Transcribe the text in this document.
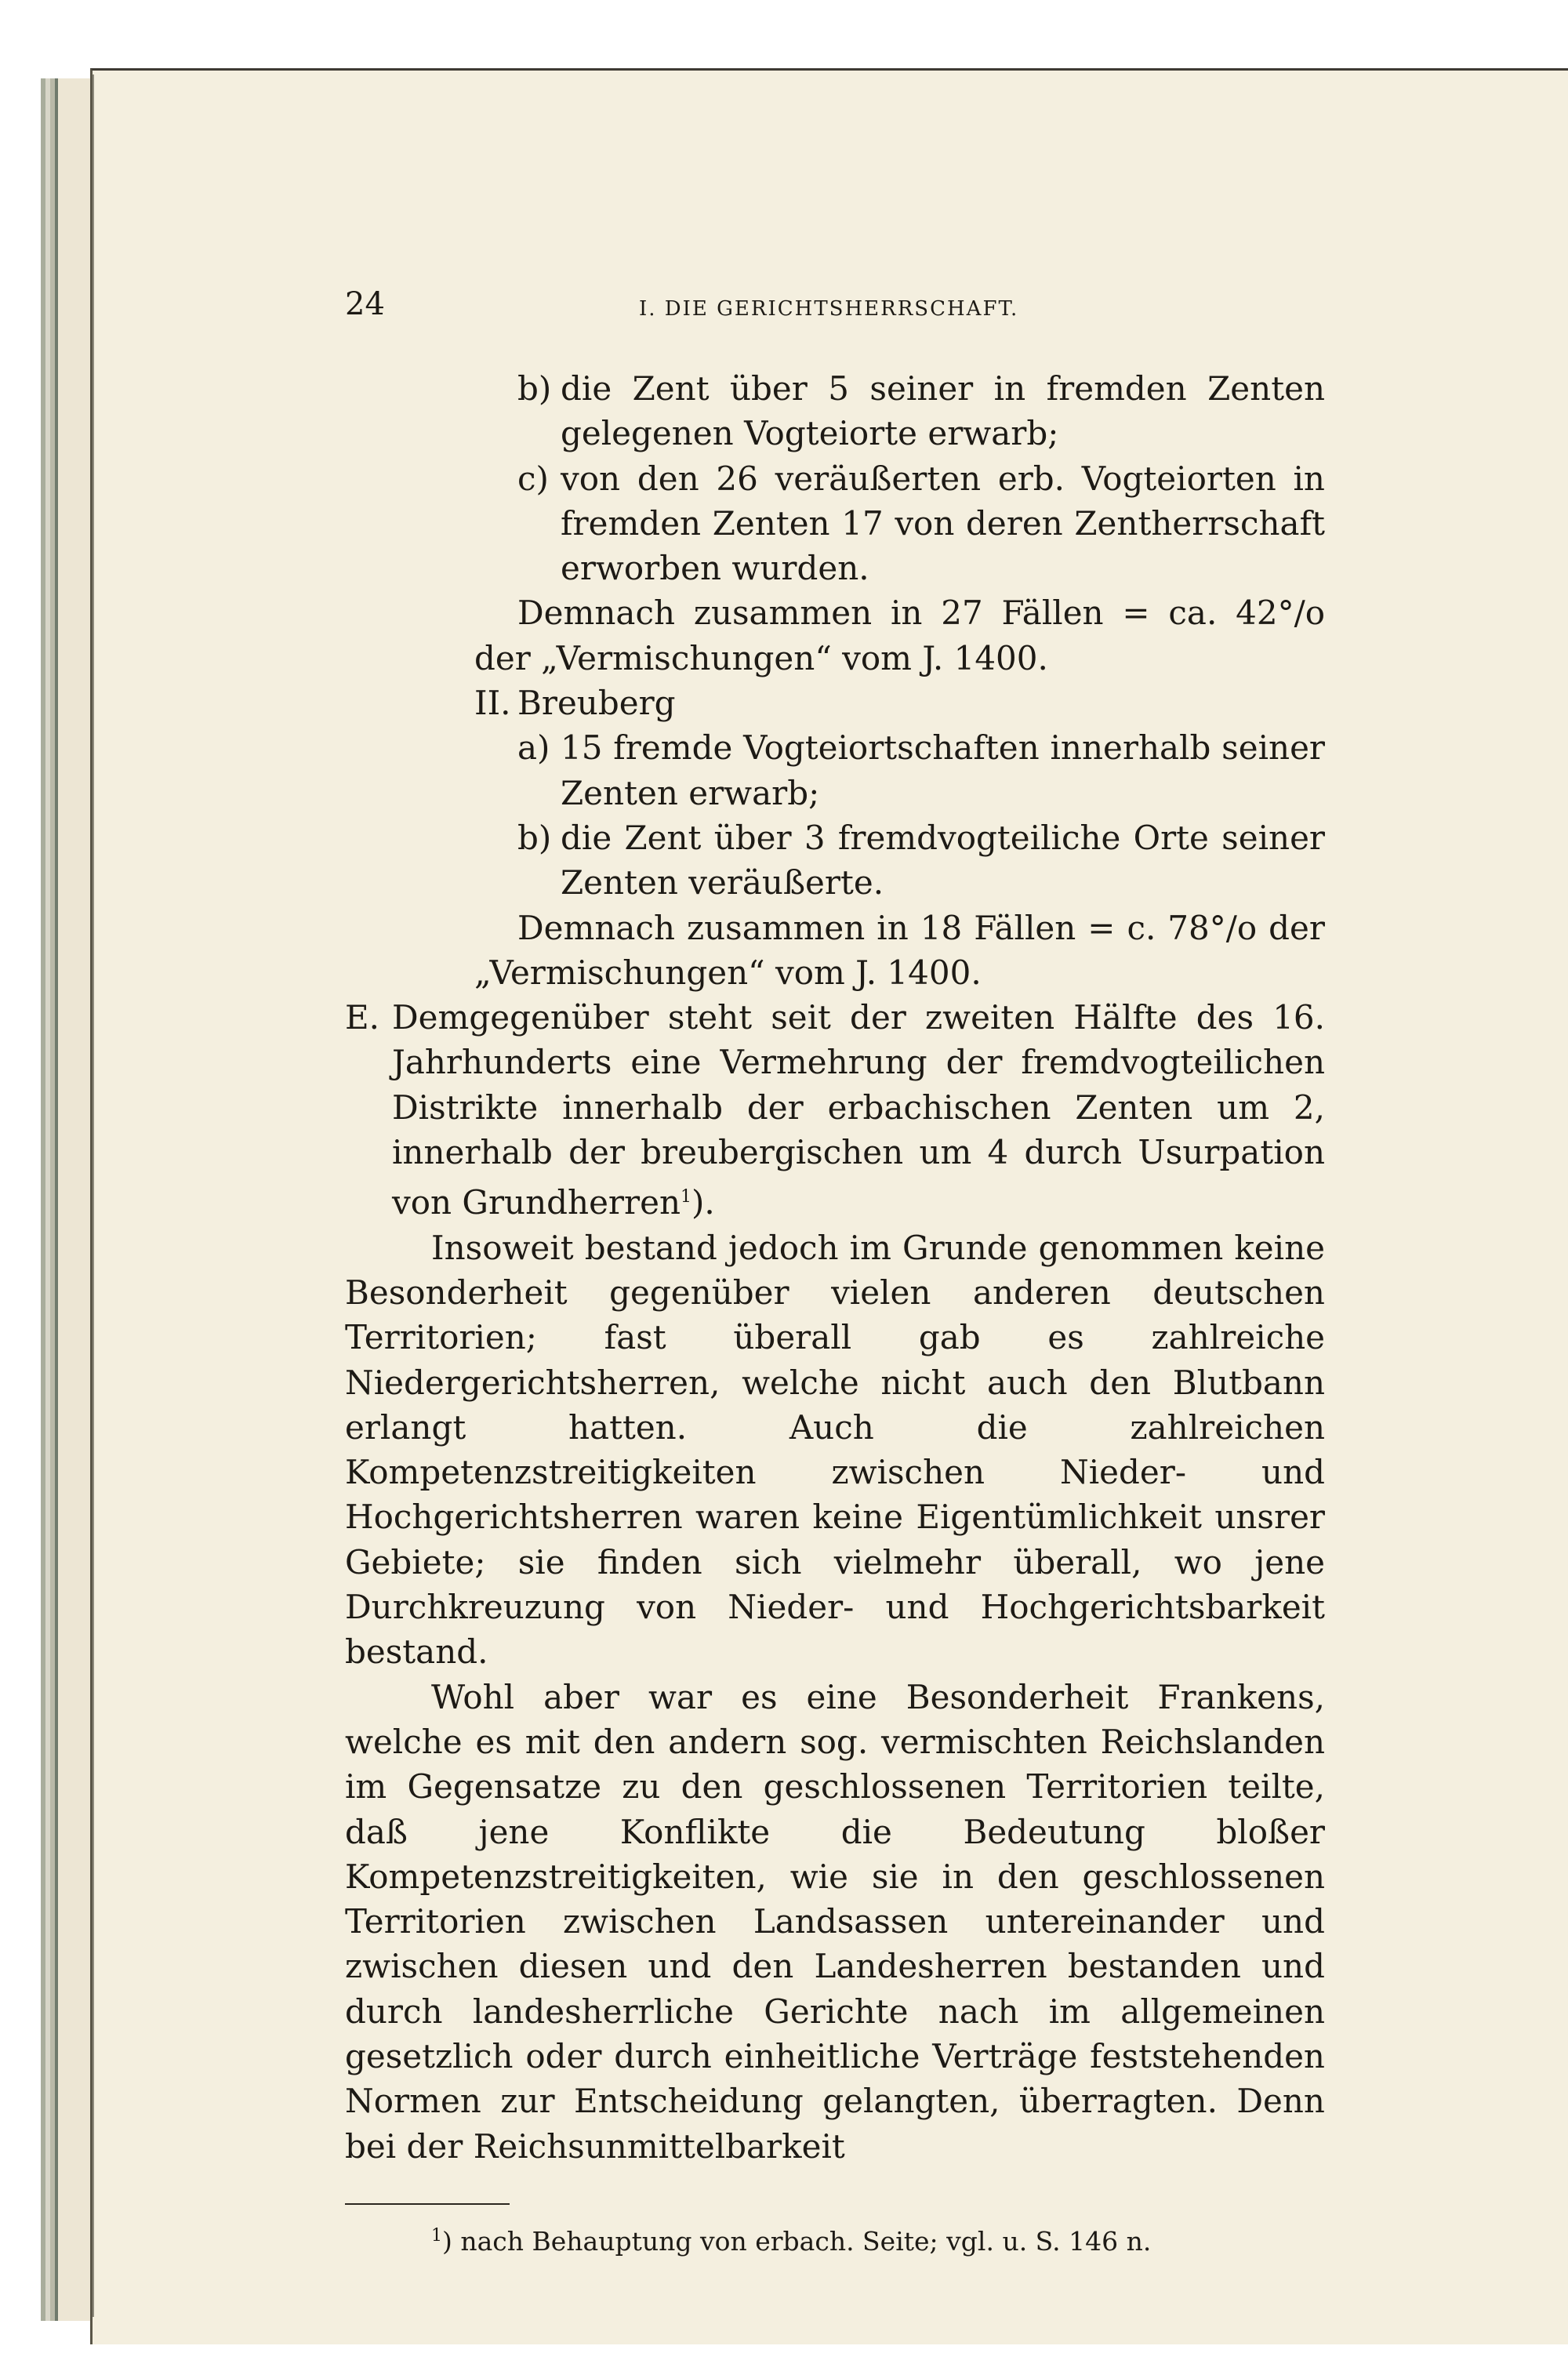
24	I. DIE GERICHTSHERRSCHAFT.
b) die Zent über 5 seiner in fremden Zenten gelegenen Vogteiorte erwarb;

c) von den 26 veräußerten erb. Vogteiorten in fremden Zenten 17 von deren Zentherrschaft erworben wurden.

Demnach zusammen in 27 Fällen = ca. 42°/o der „Vermischungen“ vom J. 1400.

II. Breuberg

a) 15 fremde Vogteiortschaften innerhalb seiner Zenten erwarb;

b) die Zent über 3 fremdvogteiliche Orte seiner Zenten veräußerte.

Demnach zusammen in 18 Fällen = c. 78°/o der „Vermischungen“ vom J. 1400.

E. Demgegenüber steht seit der zweiten Hälfte des 16. Jahrhunderts eine Vermehrung der fremdvogteilichen Distrikte innerhalb der erbachischen Zenten um 2, innerhalb der breubergischen um 4 durch Usurpation von Grundherren$^1$).

Insoweit bestand jedoch im Grunde genommen keine Besonderheit gegenüber vielen anderen deutschen Territorien; fast überall gab es zahlreiche Niedergerichtsherren, welche nicht auch den Blutbann erlangt hatten. Auch die zahlreichen Kompetenzstreitigkeiten zwischen Nieder- und Hochgerichtsherren waren keine Eigentümlichkeit unsrer Gebiete; sie finden sich vielmehr überall, wo jene Durchkreuzung von Nieder- und Hochgerichtsbarkeit bestand.

Wohl aber war es eine Besonderheit Frankens, welche es mit den andern sog. vermischten Reichslanden im Gegensatze zu den geschlossenen Territorien teilte, daß jene Konflikte die Bedeutung bloßer Kompetenzstreitigkeiten, wie sie in den geschlossenen Territorien zwischen Landsassen untereinander und zwischen diesen und den Landesherren bestanden und durch landesherrliche Gerichte nach im allgemeinen gesetzlich oder durch einheitliche Verträge feststehenden Normen zur Entscheidung gelangten, überragten. Denn bei der Reichsunmittelbarkeit

$^1$) nach Behauptung von erbach. Seite; vgl. u. S. 146 n.
